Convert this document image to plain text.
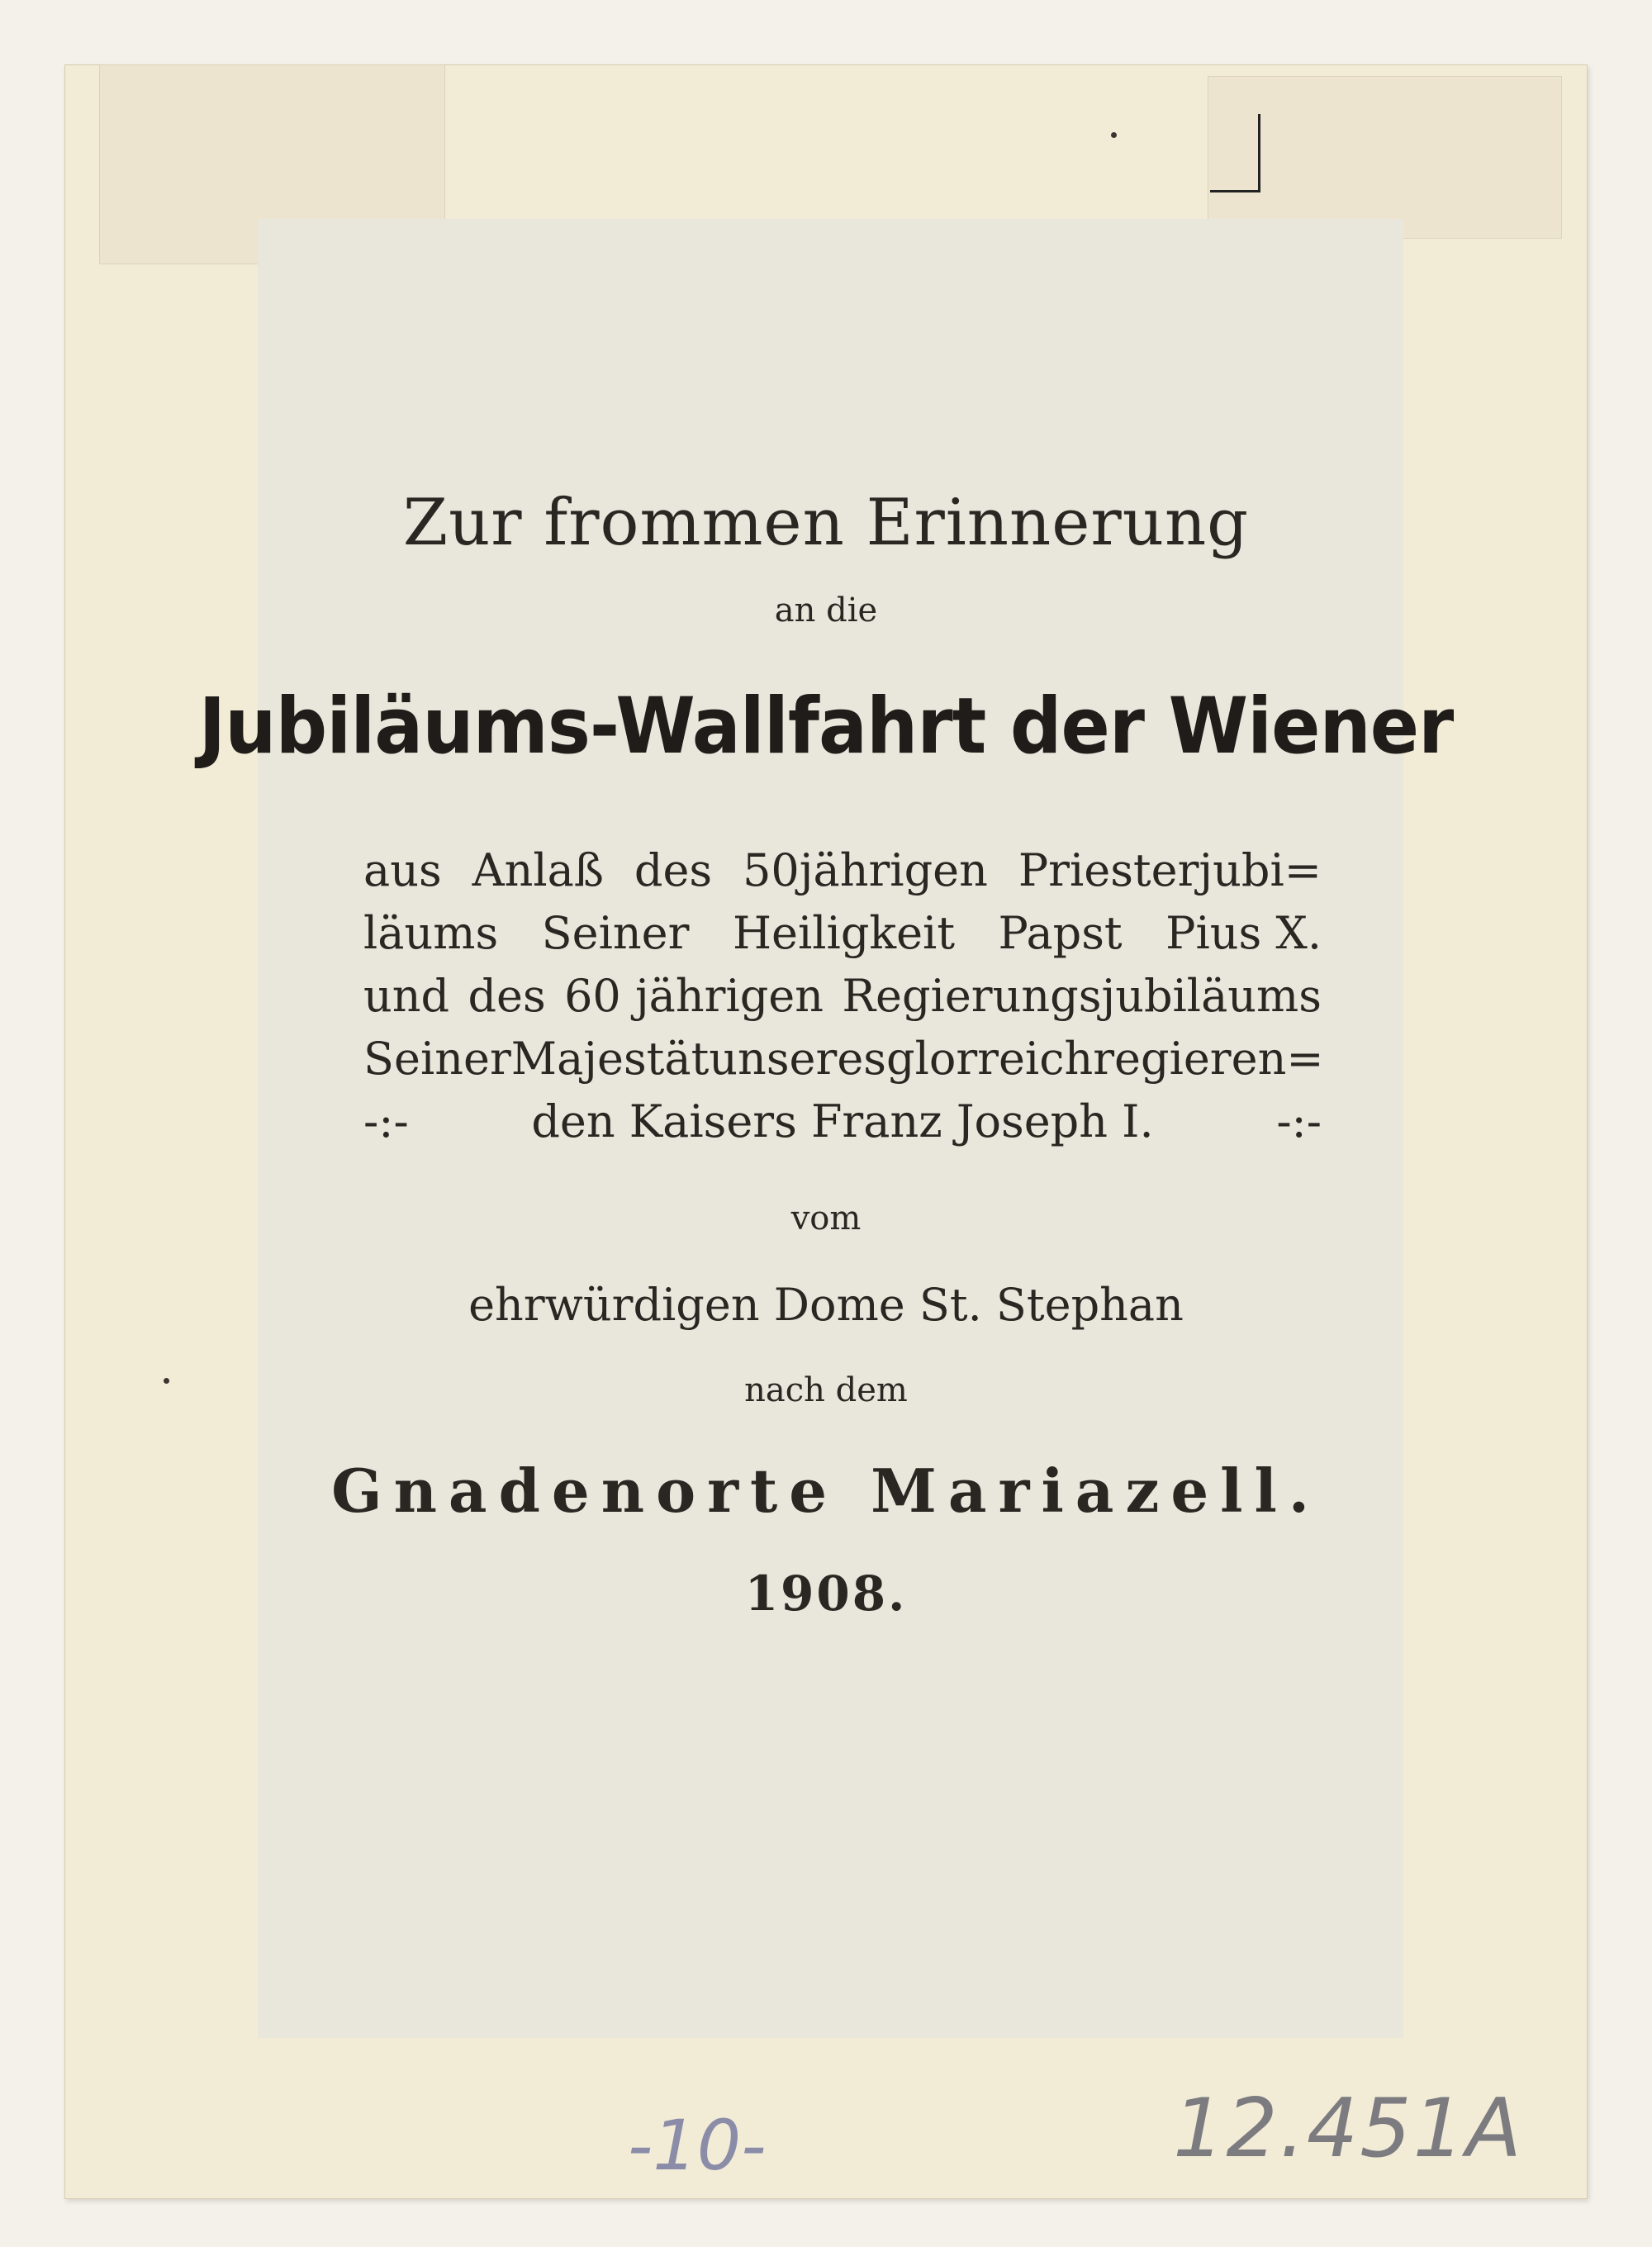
Zur frommen Erinnerung
an die
Jubiläums-Wallfahrt der Wiener
aus Anlaß des 50jährigen Priesterjubi=
läums Seiner Heiligkeit Papst Pius X.
und des 60 jährigen Regierungsjubiläums
Seiner Majestät unseres glorreich regieren=
-:-	den Kaisers Franz Joseph I.	-:-
vom
ehrwürdigen Dome St. Stephan
nach dem
Gnadenorte Mariazell.
1908.
-10-	12.451A
